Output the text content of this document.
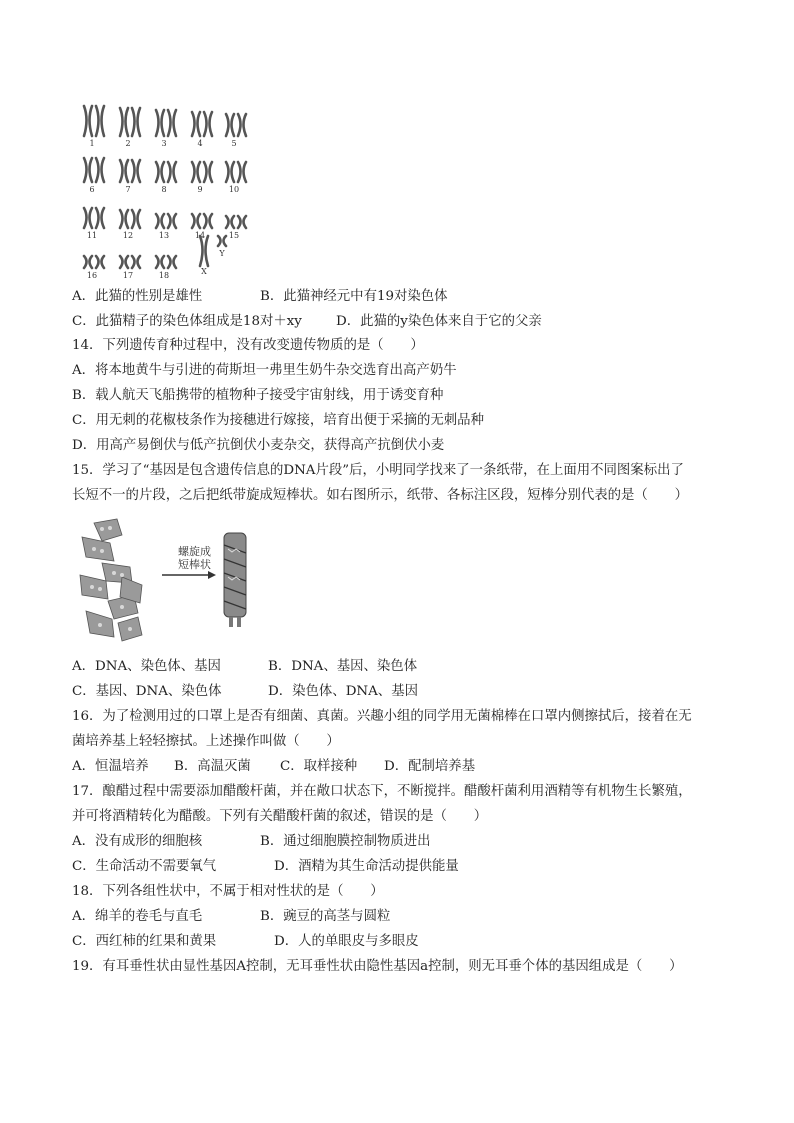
1	2	3	4	5
6	7	8	9	10
11	12	13	14	15
16	17	18	X
Y
A．此猫的性别是雄性	B．此猫神经元中有19对染色体
C．此猫精子的染色体组成是18对＋xy	D．此猫的y染色体来自于它的父亲
14．下列遗传育种过程中，没有改变遗传物质的是（　　）
A．将本地黄牛与引进的荷斯坦一弗里生奶牛杂交选育出高产奶牛
B．载人航天飞船携带的植物种子接受宇宙射线，用于诱变育种
C．用无刺的花椒枝条作为接穗进行嫁接，培育出便于采摘的无刺品种
D．用高产易倒伏与低产抗倒伏小麦杂交，获得高产抗倒伏小麦
15．学习了“基因是包含遗传信息的DNA片段”后，小明同学找来了一条纸带，在上面用不同图案标出了
长短不一的片段，之后把纸带旋成短棒状。如右图所示，纸带、各标注区段，短棒分别代表的是（　　）
螺旋成
短棒状
A．DNA、染色体、基因	B．DNA、基因、染色体
C．基因、DNA、染色体	D．染色体、DNA、基因
16．为了检测用过的口罩上是否有细菌、真菌。兴趣小组的同学用无菌棉棒在口罩内侧擦拭后，接着在无
菌培养基上轻轻擦拭。上述操作叫做（　　）
A．恒温培养 B．高温灭菌 C．取样接种 D．配制培养基
17．酿醋过程中需要添加醋酸杆菌，并在敞口状态下，不断搅拌。醋酸杆菌利用酒精等有机物生长繁殖，
并可将酒精转化为醋酸。下列有关醋酸杆菌的叙述，错误的是（　　）
A．没有成形的细胞核	B．通过细胞膜控制物质进出
C．生命活动不需要氧气	D．酒精为其生命活动提供能量
18．下列各组性状中，不属于相对性状的是（　　）
A．绵羊的卷毛与直毛	B．豌豆的高茎与圆粒
C．西红柿的红果和黄果	D．人的单眼皮与多眼皮
19．有耳垂性状由显性基因A控制，无耳垂性状由隐性基因a控制，则无耳垂个体的基因组成是（　　）
